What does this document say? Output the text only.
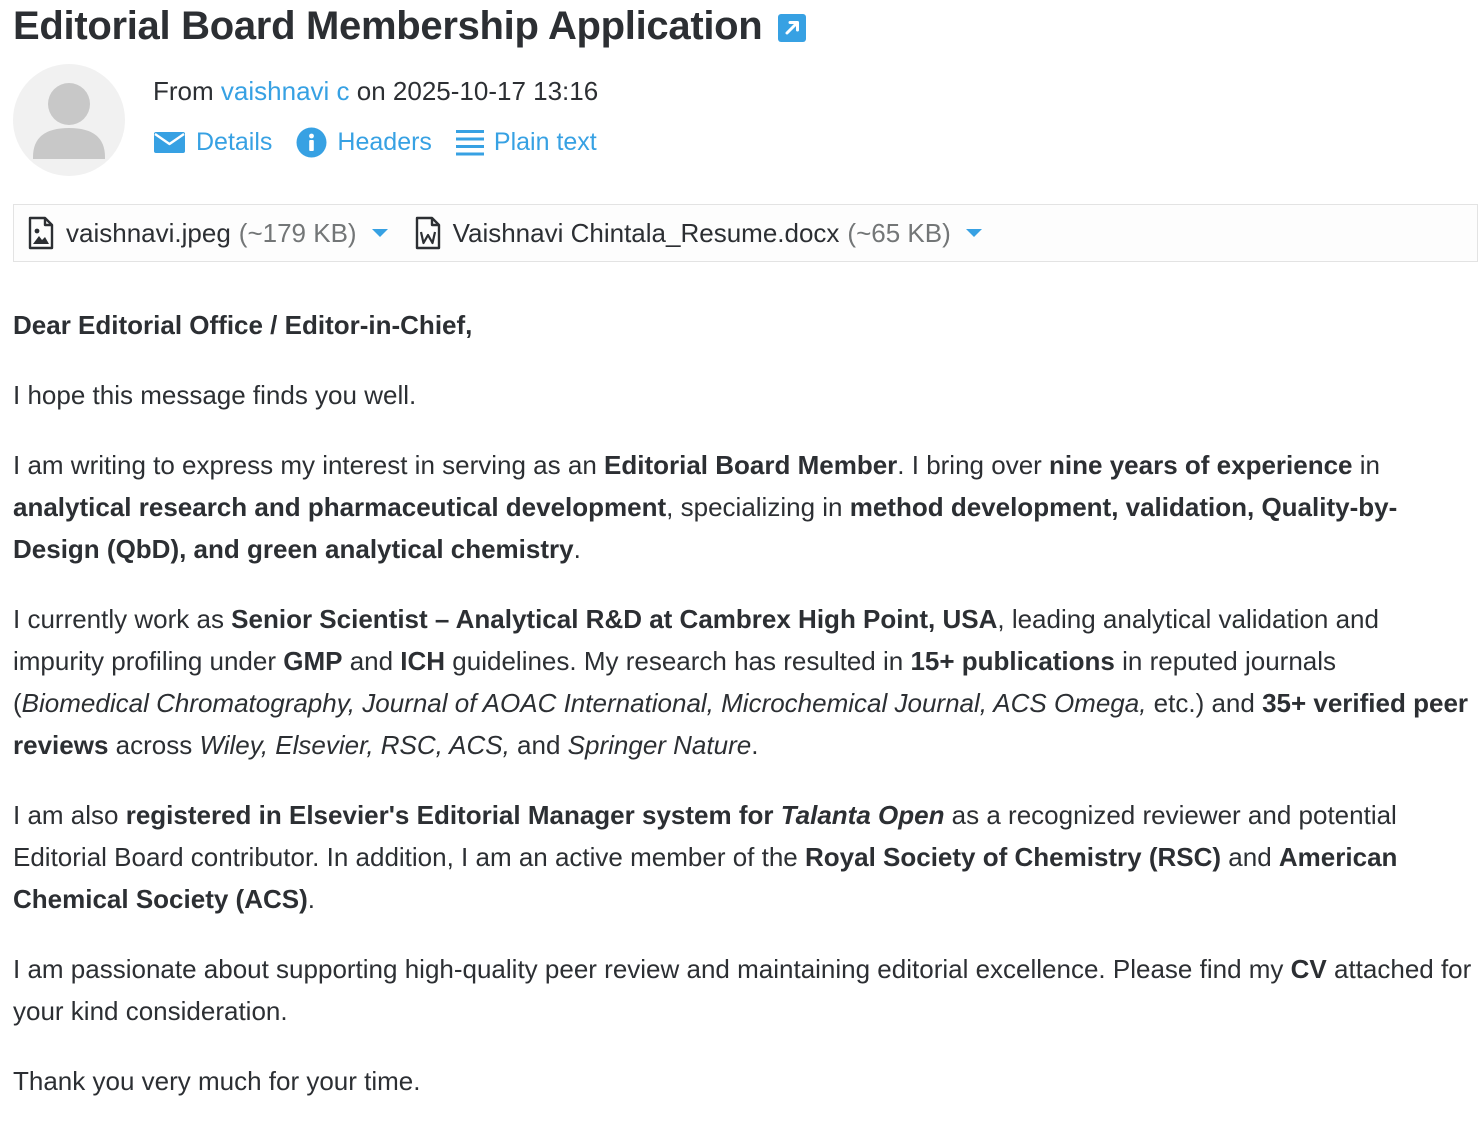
Editorial Board Membership Application
From vaishnavi c on 2025-10-17 13:16
Details	Headers Plain text
vaishnavi.jpeg (~179 KB)	Vaishnavi Chintala_Resume.docx (~65 KB)

Dear Editorial Office / Editor-in-Chief,

I hope this message finds you well.

I am writing to express my interest in serving as an Editorial Board Member. I bring over nine years of experience in analytical research and pharmaceutical development, specializing in method development, validation, Quality-by-Design (QbD), and green analytical chemistry.

I currently work as Senior Scientist – Analytical R&D at Cambrex High Point, USA, leading analytical validation and impurity profiling under GMP and ICH guidelines. My research has resulted in 15+ publications in reputed journals (Biomedical Chromatography, Journal of AOAC International, Microchemical Journal, ACS Omega, etc.) and 35+ verified peer reviews across Wiley, Elsevier, RSC, ACS, and Springer Nature.

I am also registered in Elsevier's Editorial Manager system for Talanta Open as a recognized reviewer and potential Editorial Board contributor. In addition, I am an active member of the Royal Society of Chemistry (RSC) and American Chemical Society (ACS).

I am passionate about supporting high-quality peer review and maintaining editorial excellence. Please find my CV attached for your kind consideration.

Thank you very much for your time.
